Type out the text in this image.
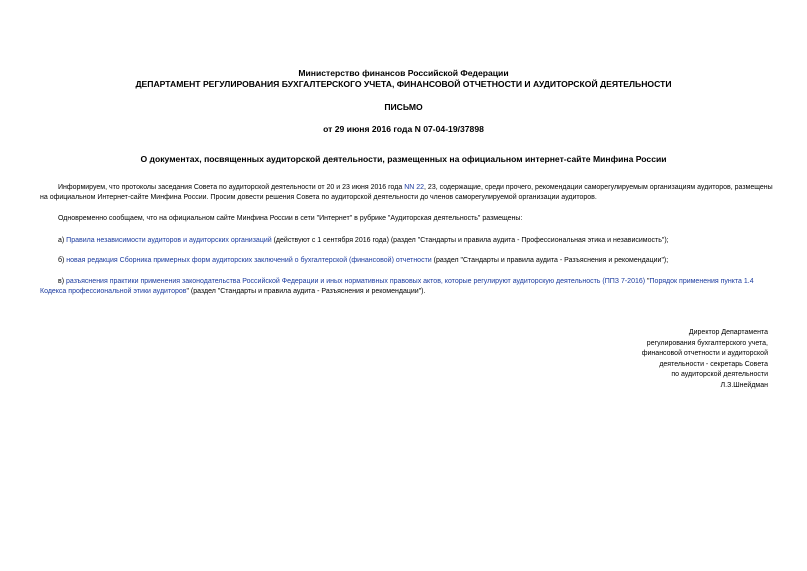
Министерство финансов Российской Федерации
ДЕПАРТАМЕНТ РЕГУЛИРОВАНИЯ БУХГАЛТЕРСКОГО УЧЕТА, ФИНАНСОВОЙ ОТЧЕТНОСТИ И АУДИТОРСКОЙ ДЕЯТЕЛЬНОСТИ
ПИСЬМО
от 29 июня 2016 года N 07-04-19/37898
О документах, посвященных аудиторской деятельности, размещенных на официальном интернет-сайте Минфина России
Информируем, что протоколы заседания Совета по аудиторской деятельности от 20 и 23 июня 2016 года NN 22, 23, содержащие, среди прочего, рекомендации саморегулируемым организациям аудиторов, размещены на официальном Интернет-сайте Минфина России. Просим довести решения Совета по аудиторской деятельности до членов саморегулируемой организации аудиторов.
Одновременно сообщаем, что на официальном сайте Минфина России в сети "Интернет" в рубрике "Аудиторская деятельность" размещены:
а) Правила независимости аудиторов и аудиторских организаций (действуют с 1 сентября 2016 года) (раздел "Стандарты и правила аудита - Профессиональная этика и независимость");
б) новая редакция Сборника примерных форм аудиторских заключений о бухгалтерской (финансовой) отчетности (раздел "Стандарты и правила аудита - Разъяснения и рекомендации");
в) разъяснения практики применения законодательства Российской Федерации и иных нормативных правовых актов, которые регулируют аудиторскую деятельность (ППЗ 7-2016) "Порядок применения пункта 1.4 Кодекса профессиональной этики аудиторов" (раздел "Стандарты и правила аудита - Разъяснения и рекомендации").
Директор Департамента
регулирования бухгалтерского учета,
финансовой отчетности и аудиторской
деятельности - секретарь Совета
по аудиторской деятельности
Л.З.Шнейдман
